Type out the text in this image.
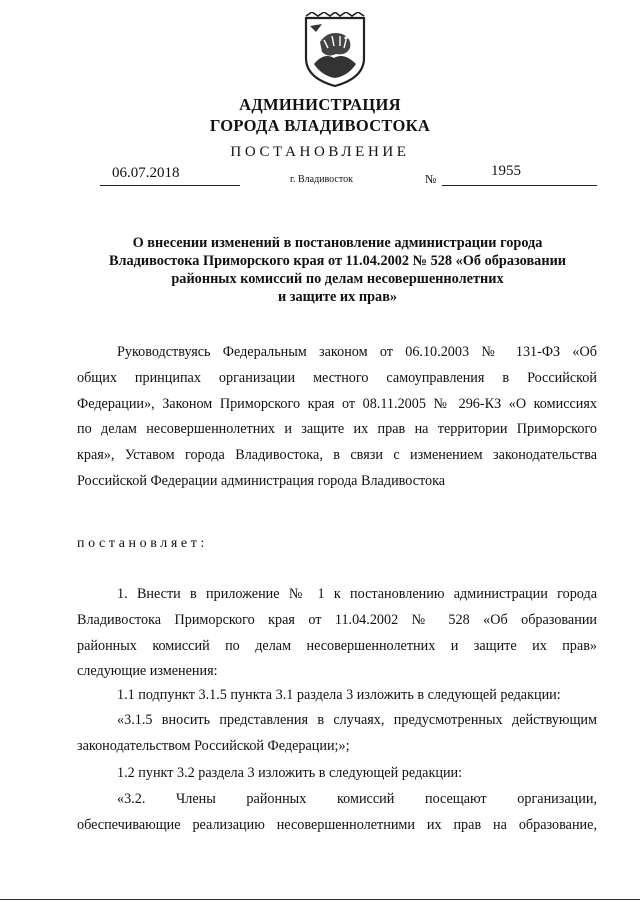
АДМИНИСТРАЦИЯ
ГОРОДА ВЛАДИВОСТОКА
ПОСТАНОВЛЕНИЕ
06.07.2018	г. Владивосток	№	1955
О внесении изменений в постановление администрации города
Владивостока Приморского края от 11.04.2002 № 528 «Об образовании
районных комиссий по делам несовершеннолетних
и защите их прав»
Руководствуясь Федеральным законом от 06.10.2003 № 131-ФЗ «Об
общих принципах организации местного самоуправления в Российской
Федерации», Законом Приморского края от 08.11.2005 № 296-КЗ «О комиссиях
по делам несовершеннолетних и защите их прав на территории Приморского
края», Уставом города Владивостока, в связи с изменением законодательства
Российской Федерации администрация города Владивостока
постановляет:
1. Внести в приложение № 1 к постановлению администрации города
Владивостока Приморского края от 11.04.2002 № 528 «Об образовании
районных комиссий по делам несовершеннолетних и защите их прав»
следующие изменения:
1.1 подпункт 3.1.5 пункта 3.1 раздела 3 изложить в следующей редакции:
«3.1.5 вносить представления в случаях, предусмотренных действующим
законодательством Российской Федерации;»;
1.2 пункт 3.2 раздела 3 изложить в следующей редакции:
«3.2. Члены районных комиссий посещают организации,
обеспечивающие реализацию несовершеннолетними их прав на образование,
